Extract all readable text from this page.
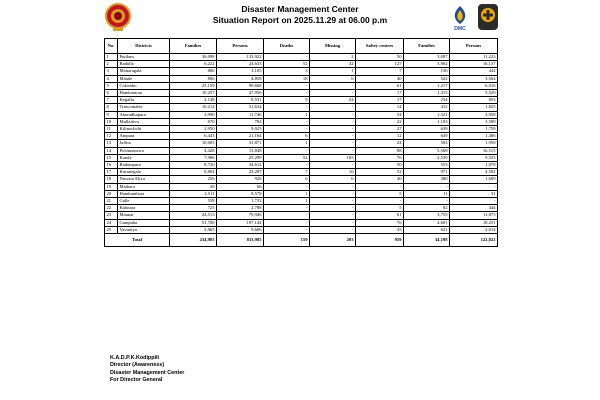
Disaster Management Center
Situation Report on 2025.11.29 at 06.00 p.m
DMC
No.	Districts	Families	Persons	Deaths	Missing	Saftey centres	Families	Persons
1	Puttlam	36,098	133,922	-	2	50	3,087	11,223
2	Badulla	6,222	24,633	52	42	127	3,962	16,137
3	Monaragala	886	3,105	3	1	7	156	442
4	Matale	806	4,858	18	6	40	522	3,564
5	Colombo	25,159	99,668	-	-	61	1,217	6,016
6	Hambantota	10,257	47,956	-	-	17	1,315	5,529
7	Kegalla	2,148	8,531	9	24	17	234	853
8	Trincomalee	10,214	31,634	-	-	14	412	1,825
9	Anuradhapura	3,990	11,746	1	-	54	1,321	3,958
10	Mullaitivu	670	782	-	-	22	1,103	3,589
11	Kilinochchi	2,950	9,025	-	-	27	639	1,759
12	Ampara	6,443	21,164	6	-	12	649	1,486
13	Jaffna	10,005	31,871	1	-	24	504	1,950
14	Polonnaruwa	4,428	13,848	-	-	88	5,568	16,515
15	Kandy	7,986	25,299	52	105	76	2,539	9,525
16	Rathnapura	8,720	34,614	-	-	50	553	1,978
17	Kurunegala	6,804	23,287	7	10	52	971	4,582
18	Nuwara Eliya	256	926	6	6	40	380	1,609
19	Mathara	20	66	-	-	-	-	-
20	Hambanthota	2,511	8,578	1	-	5	11	31
21	Galle	558	1,733	1	-	-	-	-
22	Kalutara	725	2,788	-	-	5	82	444
23	Mannar	24,513	79,946	-	-	61	3,755	11,875
24	Gampaha	51,700	197,144	-	-	76	4,681	18,251
25	Vavuniya	2,965	9,666	-	-	35	621	2,014
Total		234,983	833,985	159	203	959	34,198	122,822
K.A.D.P.K.Kodippili
Director (Awareness)
Disaster Management Center
For Director General
